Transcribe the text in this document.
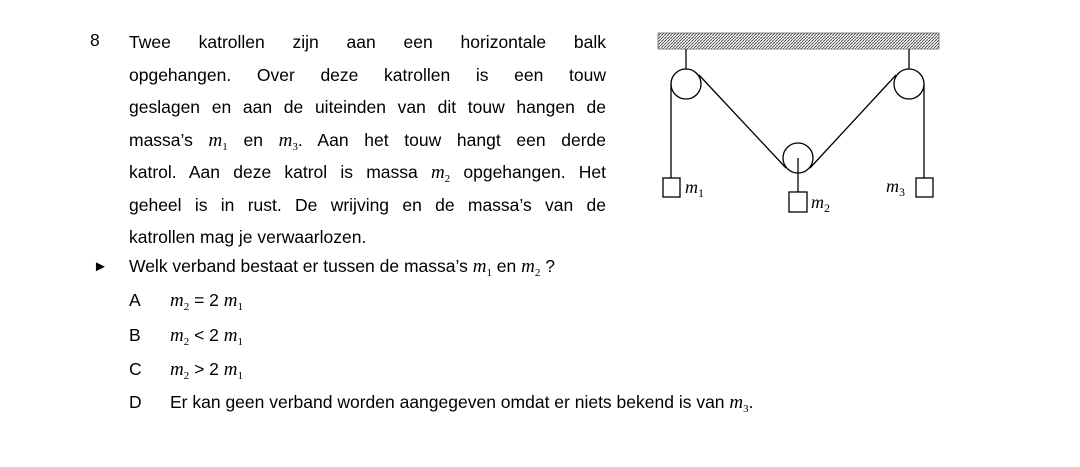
8 Twee katrollen zijn aan een horizontale balk
opgehangen. Over deze katrollen is een touw
geslagen en aan de uiteinden van dit touw hangen de
massa’s $m_1$ en $m_3$. Aan het touw hangt een derde
katrol. Aan deze katrol is massa $m_2$ opgehangen. Het
geheel is in rust. De wrijving en de massa’s van de
katrollen mag je verwaarlozen.
► Welk verband bestaat er tussen de massa’s $m_1$ en $m_2$ ?
A $m_2 = 2$ $m_1$
B $m_2 < 2$ $m_1$
C $m_2 > 2$ $m_1$
D Er kan geen verband worden aangegeven omdat er niets bekend is van $m_3$.
$m_1$	$m_2$
$m_3$
